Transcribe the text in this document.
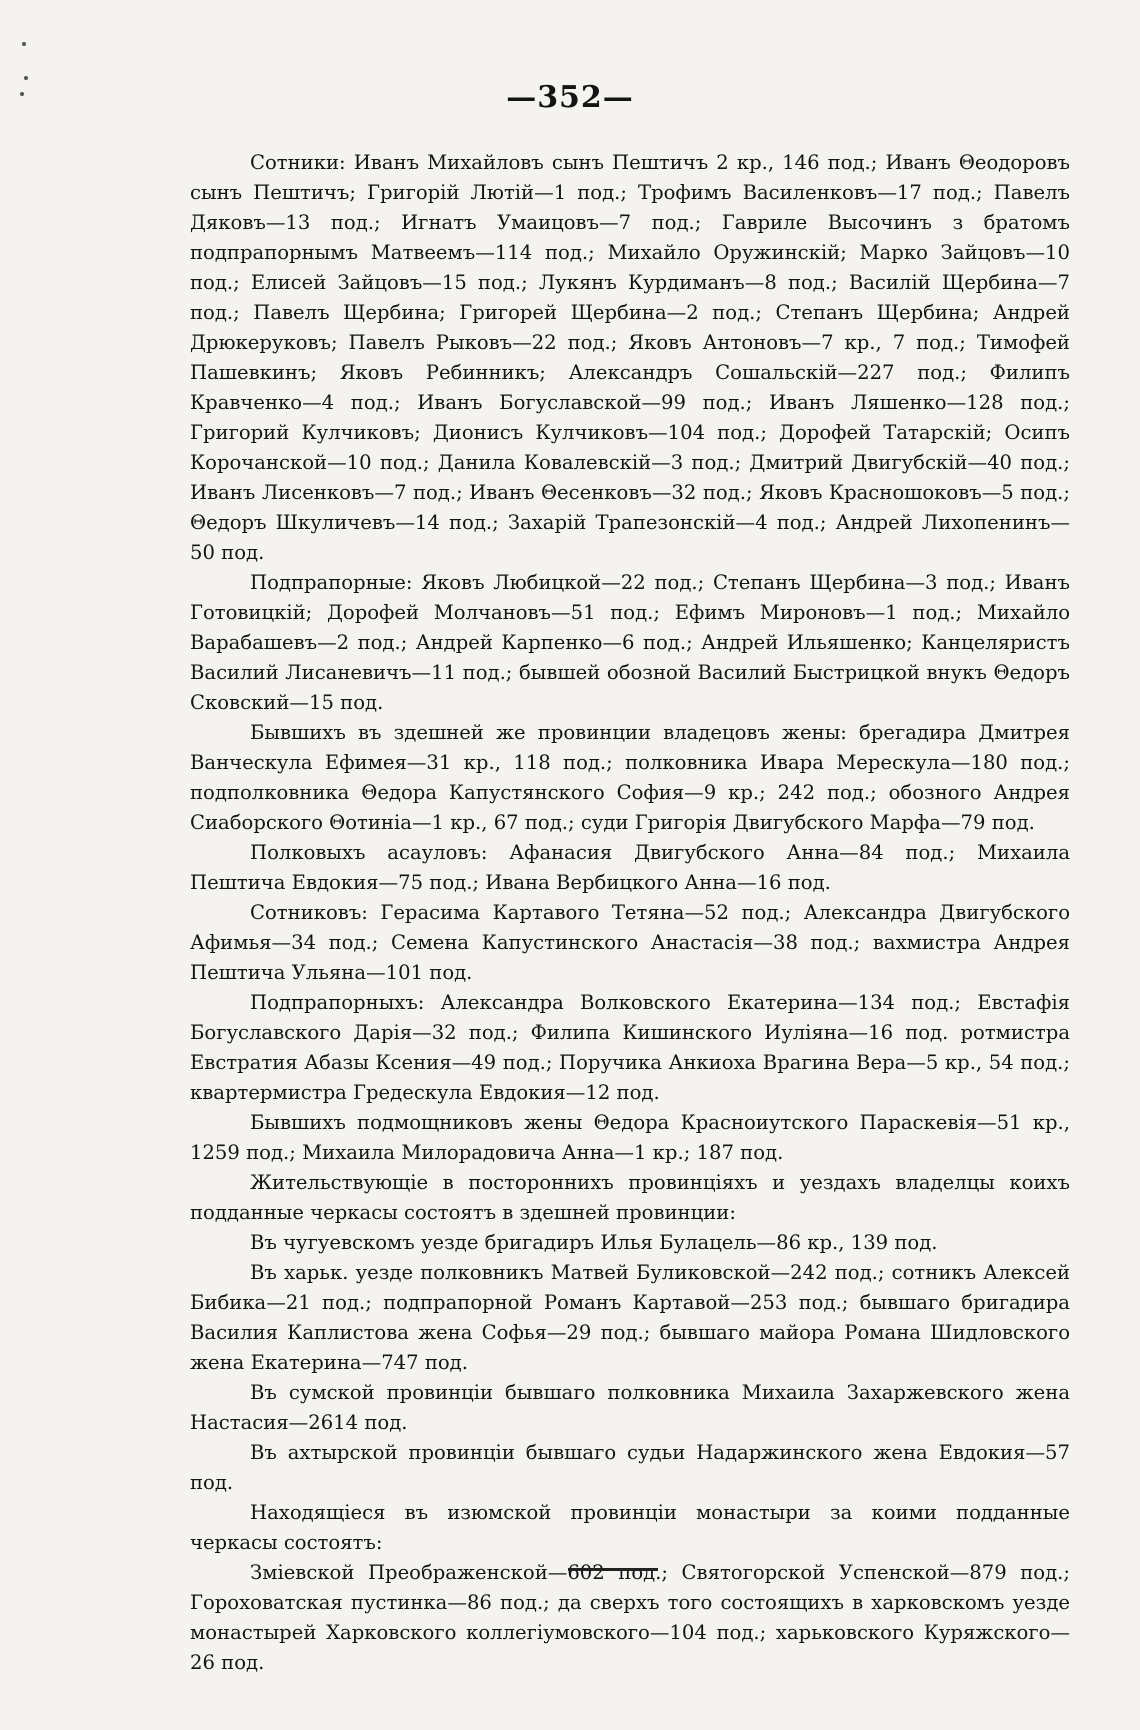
—352—

Сотники: Иванъ Михайловъ сынъ Пештичъ 2 кр., 146 под.; Иванъ Θеодоровъ сынъ Пештичъ; Григорій Лютій—1 под.; Трофимъ Василенковъ—17 под.; Павелъ Дяковъ—13 под.; Игнатъ Умаицовъ—7 под.; Гавриле Высочинъ з братомъ подпрапорнымъ Матвеемъ—114 под.; Михайло Оружинскій; Марко Зайцовъ—10 под.; Елисей Зайцовъ—15 под.; Лукянъ Курдиманъ—8 под.; Василій Щербина—7 под.; Павелъ Щербина; Григорей Щербина—2 под.; Степанъ Щербина; Андрей Дрюкеруковъ; Павелъ Рыковъ—22 под.; Яковъ Антоновъ—7 кр., 7 под.; Тимофей Пашевкинъ; Яковъ Ребинникъ; Александръ Сошальскій—227 под.; Филипъ Кравченко—4 под.; Иванъ Богуславской—99 под.; Иванъ Ляшенко—128 под.; Григорий Кулчиковъ; Дионисъ Кулчиковъ—104 под.; Дорофей Татарскій; Осипъ Корочанской—10 под.; Данила Ковалевскій—3 под.; Дмитрий Двигубскій—40 под.; Иванъ Лисенковъ—7 под.; Иванъ Θесенковъ—32 под.; Яковъ Красношоковъ—5 под.; Θедоръ Шкуличевъ—14 под.; Захарій Трапезонскій—4 под.; Андрей Лихопенинъ—50 под.

Подпрапорные: Яковъ Любицкой—22 под.; Степанъ Щербина—3 под.; Иванъ Готовицкій; Дорофей Молчановъ—51 под.; Ефимъ Мироновъ—1 под.; Михайло Варабашевъ—2 под.; Андрей Карпенко—6 под.; Андрей Ильяшенко; Канцеляристъ Василий Лисаневичъ—11 под.; бывшей обозной Василий Быстрицкой внукъ Θедоръ Сковский—15 под.

Бывшихъ въ здешней же провинции владецовъ жены: брегадира Дмитрея Ванческула Ефимея—31 кр., 118 под.; полковника Ивара Мерескула—180 под.; подполковника Θедора Капустянского София—9 кр.; 242 под.; обозного Андрея Сиаборского Θотиніа—1 кр., 67 под.; суди Григорія Двигубского Марфа—79 под.

Полковыхъ асауловъ: Афанасия Двигубского Анна—84 под.; Михаила Пештича Евдокия—75 под.; Ивана Вербицкого Анна—16 под.

Сотниковъ: Герасима Картавого Тетяна—52 под.; Александра Двигубского Афимья—34 под.; Семена Капустинского Анастасія—38 под.; вахмистра Андрея Пештича Ульяна—101 под.

Подпрапорныхъ: Александра Волковского Екатерина—134 под.; Евстафія Богуславского Дарія—32 под.; Филипа Кишинского Иуліяна—16 под. ротмистра Евстратия Абазы Ксения—49 под.; Поручика Анкиоха Врагина Вера—5 кр., 54 под.; квартермистра Гредескула Евдокия—12 под.

Бывшихъ подмощниковъ жены Θедора Красноиутского Параскевія—51 кр., 1259 под.; Михаила Милорадовича Анна—1 кр.; 187 под.

Жительствующіе в постороннихъ провинціяхъ и уездахъ владелцы коихъ подданные черкасы состоятъ в здешней провинции:

Въ чугуевскомъ уезде бригадиръ Илья Булацель—86 кр., 139 под.

Въ харьк. уезде полковникъ Матвей Буликовской—242 под.; сотникъ Алексей Бибика—21 под.; подпрапорной Романъ Картавой—253 под.; бывшаго бригадира Василия Каплистова жена Софья—29 под.; бывшаго майора Романа Шидловского жена Екатерина—747 под.

Въ сумской провинціи бывшаго полковника Михаила Захаржевского жена Настасия—2614 под.

Въ ахтырской провинціи бывшаго судьи Надаржинского жена Евдокия—57 под.

Находящіеся въ изюмской провинціи монастыри за коими подданные черкасы состоятъ:

Зміевской Преображенской—602 под.; Святогорской Успенской—879 под.; Гороховатская пустинка—86 под.; да сверхъ того состоящихъ в харковскомъ уезде монастырей Харковского коллегіумовского—104 под.; харьковского Куряжского—26 под.
